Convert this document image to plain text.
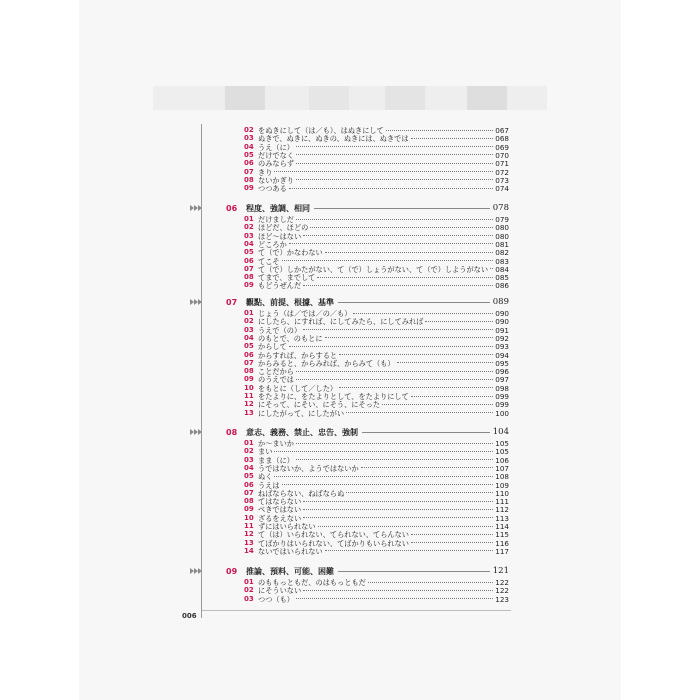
006
02 をぬきにして（は／も）、はぬきにして	067
03 ぬきで、ぬきに、ぬきの、ぬきには、ぬきでは	068
04 うえ（に）	069
05 だけでなく	070
06 のみならず	071
07 きり	072
08 ないかぎり	073
09 つつある	074
06	程度、強調、相同	078
01 だけましだ	079
02 ほどだ、ほどの	080
03 ほど～はない	080
04 どころか	081
05 て（で）かなわない	082
06 てこそ	083
07 て（で）しかたがない、て（で）しょうがない、て（で）しようがない 084
08 てまで、までして	085
09 もどうぜんだ	086
07	觀點、前提、根據、基準	089
01 じょう（は／では／の／も）	090
02 にしたら、にすれば、にしてみたら、にしてみれば	090
03 うえで（の）	091
04 のもとで、のもとに	092
05 からして	093
06 からすれば、からすると	094
07 からみると、からみれば、からみて（も）	095
08 ことだから	096
09 のうえでは	097
10 をもとに（して／した）	098
11 をたよりに、をたよりとして、をたよりにして	099
12 にそって、にそい、にそう、にそった	099
13 にしたがって、にしたがい	100
08	意志、義務、禁止、忠告、強制	104
01 か～まいか	105
02 まい	105
03 まま（に）	106
04 うではないか、ようではないか	107
05 ぬく	108
06 うえは	109
07 ねばならない、ねばならぬ	110
08 てはならない	111
09 べきではない	112
10 ざるをえない	113
11 ずにはいられない	114
12 て（は）いられない、てられない、てらんない	115
13 てばかりはいられない、てばかりもいられない	116
14 ないではいられない	117
09	推論、預料、可能、困難	121
01 のももっともだ、のはもっともだ	122
02 にそういない	122
03 つつ（も）	123
